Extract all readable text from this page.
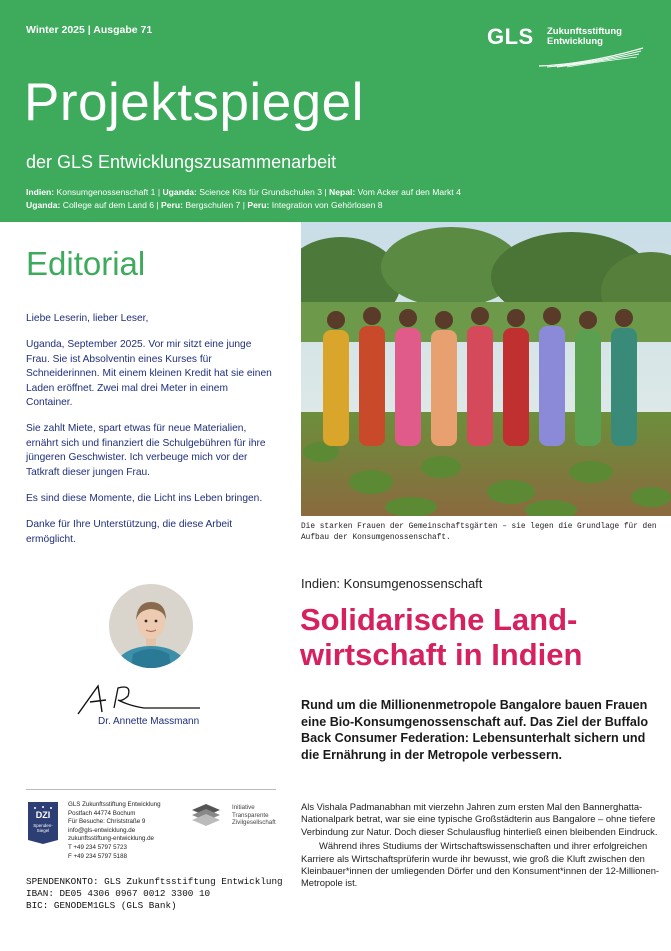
Winter 2025 | Ausgabe 71	GLS Zukunftsstiftung
Entwicklung
Projektspiegel
der GLS Entwicklungszusammenarbeit
Indien: Konsumgenossenschaft 1 | Uganda: Science Kits für Grundschulen 3 | Nepal: Vom Acker auf den Markt 4
Uganda: College auf dem Land 6 | Peru: Bergschulen 7 | Peru: Integration von Gehörlosen 8
Editorial

Liebe Leserin, lieber Leser,

Uganda, September 2025. Vor mir sitzt eine junge Frau. Sie ist Absolventin eines Kurses für Schneiderinnen. Mit einem kleinen Kredit hat sie einen Laden eröffnet. Zwei mal drei Meter in einem Container.

Sie zahlt Miete, spart etwas für neue Materialien, ernährt sich und finanziert die Schulgebühren für ihre jüngeren Geschwister. Ich verbeuge mich vor der Tatkraft dieser jungen Frau.

Es sind diese Momente, die Licht ins Leben bringen.

Danke für Ihre Unterstützung, die diese Arbeit ermöglicht.

Dr. Annette Massmann
DZI
Spenden-
Siegel
GLS Zukunftsstiftung Entwicklung
Postfach 44774 Bochum
Für Besuche: Christstraße 9
info@gls-entwicklung.de
zukunftsstiftung-entwicklung.de
T +49 234 5797 5723
F +49 234 5797 5188
Initiative
Transparente
Zivilgesellschaft
SPENDENKONTO: GLS Zukunftsstiftung Entwicklung
IBAN: DE05 4306 0967 0012 3300 10
BIC: GENODEM1GLS (GLS Bank)
Die starken Frauen der Gemeinschaftsgärten – sie legen die Grundlage für den Aufbau der Konsumgenossenschaft.
Indien: Konsumgenossenschaft
Solidarische Land-
wirtschaft in Indien
Rund um die Millionenmetropole Bangalore bauen Frauen eine Bio-Konsumgenossenschaft auf. Das Ziel der Buffalo Back Consumer Federation: Lebensunterhalt sichern und die Ernährung in der Metropole verbessern.

Als Vishala Padmanabhan mit vierzehn Jahren zum ersten Mal den Bannerghatta-Nationalpark betrat, war sie eine typische Großstädterin aus Bangalore – ohne tiefere Verbindung zur Natur. Doch dieser Schulausflug hinterließ einen bleibenden Eindruck.

Während ihres Studiums der Wirtschaftswissenschaften und ihrer erfolgreichen Karriere als Wirtschaftsprüferin wurde ihr bewusst, wie groß die Kluft zwischen den Kleinbauer*innen der umliegenden Dörfer und den Konsument*innen der 12-Millionen-Metropole ist.
